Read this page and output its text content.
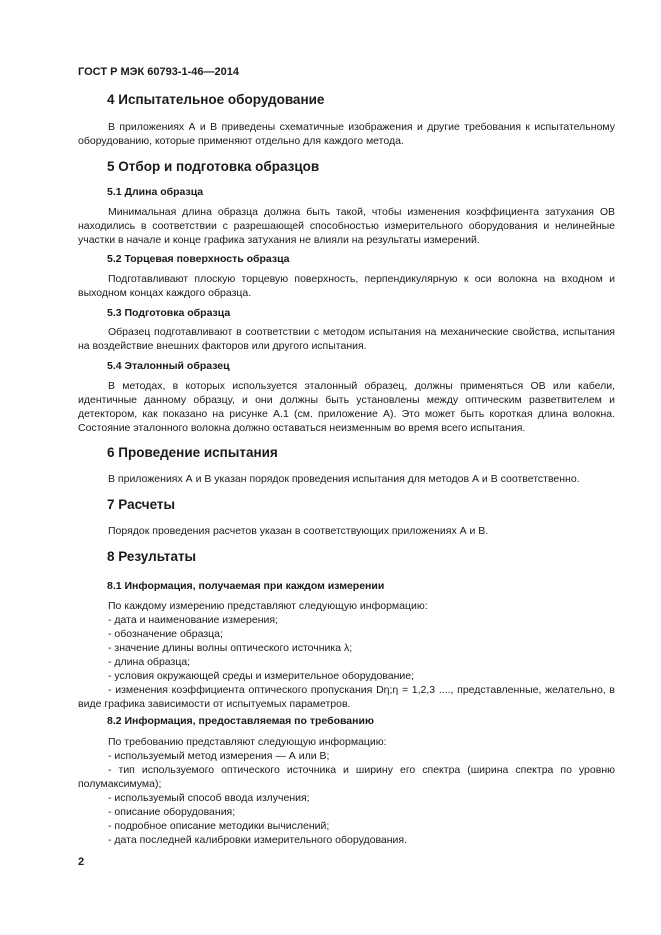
ГОСТ Р МЭК 60793-1-46—2014
4 Испытательное оборудование
В приложениях А и В приведены схематичные изображения и другие требования к испытательному оборудованию, которые применяют отдельно для каждого метода.
5 Отбор и подготовка образцов
5.1 Длина образца
Минимальная длина образца должна быть такой, чтобы изменения коэффициента затухания ОВ находились в соответствии с разрешающей способностью измерительного оборудования и нелинейные участки в начале и конце графика затухания не влияли на результаты измерений.
5.2 Торцевая поверхность образца
Подготавливают плоскую торцевую поверхность, перпендикулярную к оси волокна на входном и выходном концах каждого образца.
5.3 Подготовка образца
Образец подготавливают в соответствии с методом испытания на механические свойства, испытания на воздействие внешних факторов или другого испытания.
5.4 Эталонный образец
В методах, в которых используется эталонный образец, должны применяться ОВ или кабели, идентичные данному образцу, и они должны быть установлены между оптическим разветвителем и детектором, как показано на рисунке А.1 (см. приложение А). Это может быть короткая длина волокна. Состояние эталонного волокна должно оставаться неизменным во время всего испытания.
6 Проведение испытания
В приложениях А и В указан порядок проведения испытания для методов А и В соответственно.
7 Расчеты
Порядок проведения расчетов указан в соответствующих приложениях А и В.
8 Результаты
8.1 Информация, получаемая при каждом измерении
По каждому измерению представляют следующую информацию:
- дата и наименование измерения;
- обозначение образца;
- значение длины волны оптического источника λ;
- длина образца;
- условия окружающей среды и измерительное оборудование;
- изменения коэффициента оптического пропускания Dη;η = 1,2,3 ...., представленные, желательно, в виде графика зависимости от испытуемых параметров.
8.2 Информация, предоставляемая по требованию
По требованию представляют следующую информацию:
- используемый метод измерения — А или В;
- тип используемого оптического источника и ширину его спектра (ширина спектра по уровню полумаксимума);
- используемый способ ввода излучения;
- описание оборудования;
- подробное описание методики вычислений;
- дата последней калибровки измерительного оборудования.
2
